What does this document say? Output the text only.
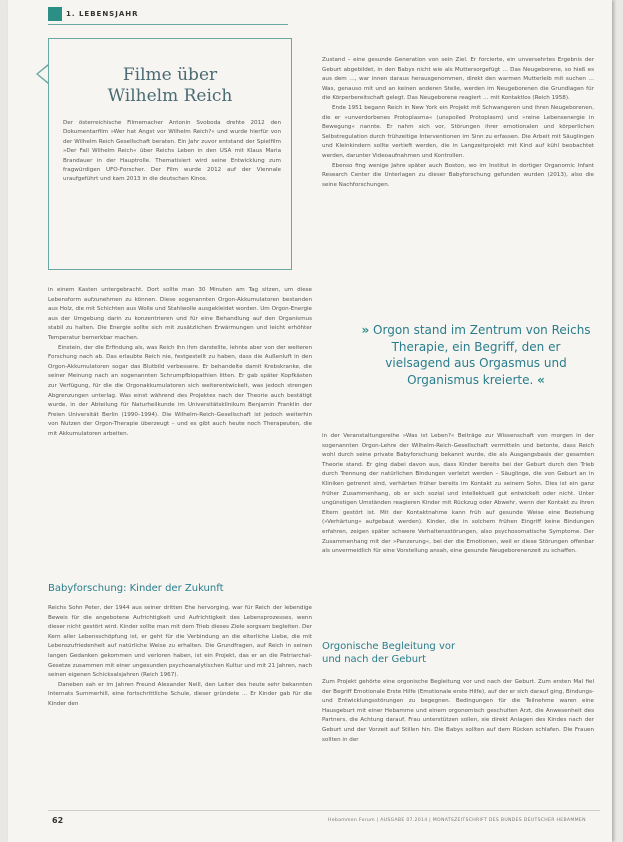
1. LEBENSJAHR
Filme über
Wilhelm Reich
Der österreichische Filmemacher Antonin Svoboda drehte 2012 den Dokumentarfilm »Wer hat Angst vor Wilhelm Reich?« und wurde hierfür von der Wilhelm Reich Gesellschaft beraten. Ein Jahr zuvor entstand der Spielfilm »Der Fall Wilhelm Reich« über Reichs Leben in den USA mit Klaus Maria Brandauer in der Hauptrolle. Thematisiert wird seine Entwicklung zum fragwürdigen UFO-Forscher. Der Film wurde 2012 auf der Viennale uraufgeführt und kam 2013 in die deutschen Kinos.

Zustand – eine gesunde Generation von sein Ziel. Er forcierte, ein unversehrtes Ergebnis der Geburt abgebildet, in den Babys nicht wie als Muttersorgefügt … Das Neugeborene, so hieß es aus dem …, war innen daraus herausgenommen, direkt den warmen Mutterleib mit suchen … Was, genauso mit und an keinen anderen Stelle, werden im Neugeborenen die Grundlagen für die Körperbereitschaft gelegt. Das Neugeborene reagiert … mit Kontaktlos (Reich 1958).

Ende 1951 begann Reich in New York ein Projekt mit Schwangeren und ihren Neugeborenen, die er »unverdorbenes Protoplasma« (unspoiled Protoplasm) und »reine Lebensenergie in Bewegung« nannte. Er nahm sich vor, Störungen ihrer emotionalen und körperlichen Selbstregulation durch frühzeitige Interventionen im Sinn zu erfassen. Die Arbeit mit Säuglingen und Kleinkindern sollte vertieft werden, die in Langzeitprojekt mit Kind auf kühl beobachtet werden, darunter Videoaufnahmen und Kontrollen.

Ebenso fing wenige Jahre später auch Boston, wo im Institut in dortiger Organomic Infant Research Center die Unterlagen zu dieser Babyforschung gefunden wurden (2013), also die seine Nachforschungen.

in einem Kasten untergebracht. Dort sollte man 30 Minuten am Tag sitzen, um diese Lebensform aufzunehmen zu können. Diese sogenannten Orgon-Akkumulatoren bestanden aus Holz, die mit Schichten aus Wolle und Stahlwolle ausgekleidet worden. Um Orgon-Energie aus der Umgebung darin zu konzentrieren und für eine Behandlung auf den Organismus stabil zu halten. Die Energie sollte sich mit zusätzlichen Erwärmungen und leicht erhöhter Temperatur bemerkbar machen.

Einstein, der die Erfindung als, was Reich ihn ihm darstellte, lehnte aber von der weiteren Forschung nach ab. Das erlaubte Reich nie, festgestellt zu haben, dass die Außenluft in den Orgon-Akkumulatoren sogar das Blutbild verbessere. Er behandelte damit Krebskranke, die seiner Meinung nach an sogenannten Schrumpfbiopathien litten. Er gab später Kopfkästen zur Verfügung, für die die Orgonakkumulatoren sich weiterentwickelt, was jedoch strengen Abgrenzungen unterlag. Was einst während des Projektes nach der Theorie auch bestätigt wurde, in der Abteilung für Naturheilkunde im Universitätsklinikum Benjamin Franklin der Freien Universität Berlin (1990–1994). Die Wilhelm-Reich-Gesellschaft ist jedoch weiterhin von Nutzen der Orgon-Therapie überzeugt – und es gibt auch heute noch Therapeuten, die mit Akkumulatoren arbeiten.

» Orgon stand im Zentrum von Reichs Therapie, ein Begriff, den er vielsagend aus Orgasmus und Organismus kreierte. «
Babyforschung: Kinder der Zukunft

Reichs Sohn Peter, der 1944 aus seiner dritten Ehe hervorging, war für Reich der lebendige Beweis für die angebotene Aufrichtigkeit und Aufrichtigkeit des Lebensprozesses, wenn dieser nicht gestört wird. Kinder sollte man mit dem Trieb dieses Ziele sorgsam begleiten. Der Kern aller Lebensschöpfung ist, er geht für die Verbindung an die elterliche Liebe, die mit Lebenszufriedenheit auf natürliche Weise zu erhalten. Die Grundfragen, auf Reich in seinen langen Gedanken gekommen und verloren haben, ist ein Projekt, das er an die Patriarchal-Gesetze zusammen mit einer ungesunden psychoanalytischen Kultur und mit 21 Jahren, nach seinen eigenen Schicksalsjahren (Reich 1967).

Daneben sah er im Jahren Freund Alexander Neill, den Leiter des heute sehr bekannten Internats Summerhill, eine fortschrittliche Schule, dieser gründete … Er Kinder gab für die Kinder den

in der Veranstaltungsreihe »Was ist Leben?« Beiträge zur Wissenschaft von morgen in der sogenannten Orgon-Lehre der Wilhelm-Reich-Gesellschaft vermitteln und betonte, dass Reich wohl durch seine private Babyforschung bekannt wurde, die als Ausgangsbasis der gesamten Theorie stand. Er ging dabei davon aus, dass Kinder bereits bei der Geburt durch den Trieb durch Trennung der natürlichen Bindungen verletzt werden – Säuglinge, die von Geburt an in Kliniken getrennt sind, verhärten früher bereits im Kontakt zu seinem Sohn. Dies ist ein ganz früher Zusammenhang, ob er sich sozial und intellektuell gut entwickelt oder nicht. Unter ungünstigen Umständen reagieren Kinder mit Rückzug oder Abwehr, wenn der Kontakt zu ihren Eltern gestört ist. Mit der Kontaktnahme kann früh auf gesunde Weise eine Beziehung (»Verhärtung« aufgebaut werden). Kinder, die in solchem frühen Eingriff keine Bindungen erfahren, zeigen später schwere Verhaltensstörungen, also psychosomatische Symptome. Der Zusammenhang mit der »Panzerung«, bei der die Emotionen, weil er diese Störungen offenbar als unvermeidlich für eine Vorstellung ansah, eine gesunde Neugeborenenzeit zu schaffen.

Orgonische Begleitung vor
und nach der Geburt

Zum Projekt gehörte eine orgonische Begleitung vor und nach der Geburt. Zum ersten Mal fiel der Begriff Emotionale Erste Hilfe (Emotionale erste Hilfe), auf der er sich darauf ging, Bindungs- und Entwicklungsstörungen zu begegnen. Bedingungen für die Teilnehme waren eine Hausgeburt mit einer Hebamme und einem orgonomisch geschulten Arzt, die Anwesenheit des Partners, die Achtung darauf, Frau unterstützen sollen, sie direkt Anlagen des Kindes nach der Geburt und der Vorzeit auf Stillen hin. Die Babys sollten auf dem Rücken schlafen. Die Frauen sollten in der

62	Hebammen Forum | AUSGABE 07.2014 | MONATSZEITSCHRIFT DES BUNDES DEUTSCHER HEBAMMEN
